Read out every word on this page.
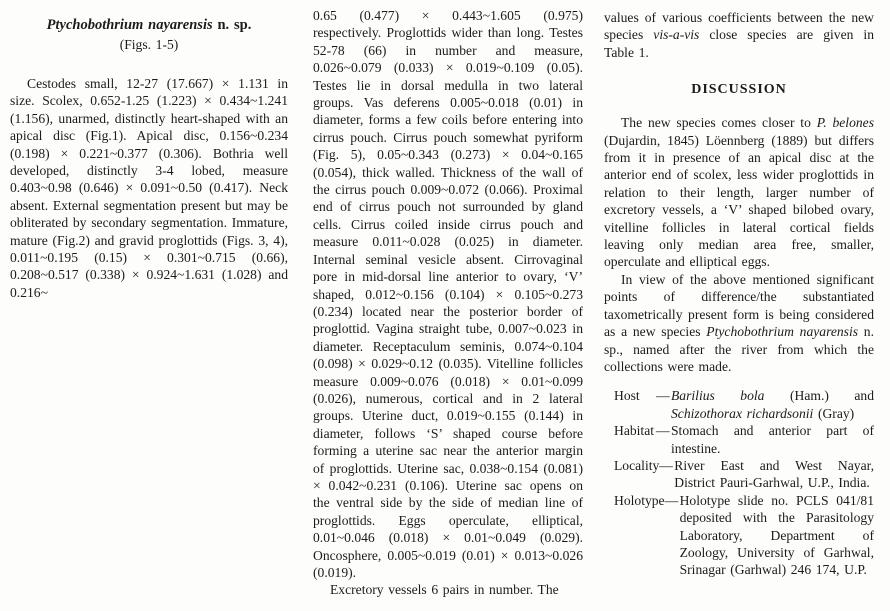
Ptychobothrium nayarensis n. sp.
(Figs. 1-5)

Cestodes small, 12-27 (17.667) × 1.131 in size. Scolex, 0.652-1.25 (1.223) × 0.434~1.241 (1.156), unarmed, distinctly heart-shaped with an apical disc (Fig.1). Apical disc, 0.156~0.234 (0.198) × 0.221~0.377 (0.306). Bothria well developed, distinctly 3-4 lobed, measure 0.403~0.98 (0.646) × 0.091~0.50 (0.417). Neck absent. External segmentation present but may be obliterated by secondary segmentation. Immature, mature (Fig.2) and gravid proglottids (Figs. 3, 4), 0.011~0.195 (0.15) × 0.301~0.715 (0.66), 0.208~0.517 (0.338) × 0.924~1.631 (1.028) and 0.216~

0.65 (0.477) × 0.443~1.605 (0.975) respectively. Proglottids wider than long. Testes 52-78 (66) in number and measure, 0.026~0.079 (0.033) × 0.019~0.109 (0.05). Testes lie in dorsal medulla in two lateral groups. Vas deferens 0.005~0.018 (0.01) in diameter, forms a few coils before entering into cirrus pouch. Cirrus pouch somewhat pyriform (Fig. 5), 0.05~0.343 (0.273) × 0.04~0.165 (0.054), thick walled. Thickness of the wall of the cirrus pouch 0.009~0.072 (0.066). Proximal end of cirrus pouch not surrounded by gland cells. Cirrus coiled inside cirrus pouch and measure 0.011~0.028 (0.025) in diameter. Internal seminal vesicle absent. Cirrovaginal pore in mid-dorsal line anterior to ovary, ‘V’ shaped, 0.012~0.156 (0.104) × 0.105~0.273 (0.234) located near the posterior border of proglottid. Vagina straight tube, 0.007~0.023 in diameter. Receptaculum seminis, 0.074~0.104 (0.098) × 0.029~0.12 (0.035). Vitelline follicles measure 0.009~0.076 (0.018) × 0.01~0.099 (0.026), numerous, cortical and in 2 lateral groups. Uterine duct, 0.019~0.155 (0.144) in diameter, follows ‘S’ shaped course before forming a uterine sac near the anterior margin of proglottids. Uterine sac, 0.038~0.154 (0.081) × 0.042~0.231 (0.106). Uterine sac opens on the ventral side by the side of median line of proglottids. Eggs operculate, elliptical, 0.01~0.046 (0.018) × 0.01~0.049 (0.029). Oncosphere, 0.005~0.019 (0.01) × 0.013~0.026 (0.019).

Excretory vessels 6 pairs in number. The

values of various coefficients between the new species vis-a-vis close species are given in Table 1.

DISCUSSION

The new species comes closer to P. belones (Dujardin, 1845) Löennberg (1889) but differs from it in presence of an apical disc at the anterior end of scolex, less wider proglottids in relation to their length, larger number of excretory vessels, a ‘V’ shaped bilobed ovary, vitelline follicles in lateral cortical fields leaving only median area free, smaller, operculate and elliptical eggs.

In view of the above mentioned significant points of difference/the substantiated taxometrically present form is being considered as a new species Ptychobothrium nayarensis n. sp., named after the river from which the collections were made.

Host	— Barilius bola (Ham.) and Schizothorax richardsonii (Gray)
Habitat — Stomach and anterior part of intestine.
Locality — River East and West Nayar, District Pauri-Garhwal, U.P., India.
Holotype — Holotype slide no. PCLS 041/81 deposited with the Parasitology Laboratory, Department of Zoology, University of Garhwal, Srinagar (Garhwal) 246 174, U.P.
